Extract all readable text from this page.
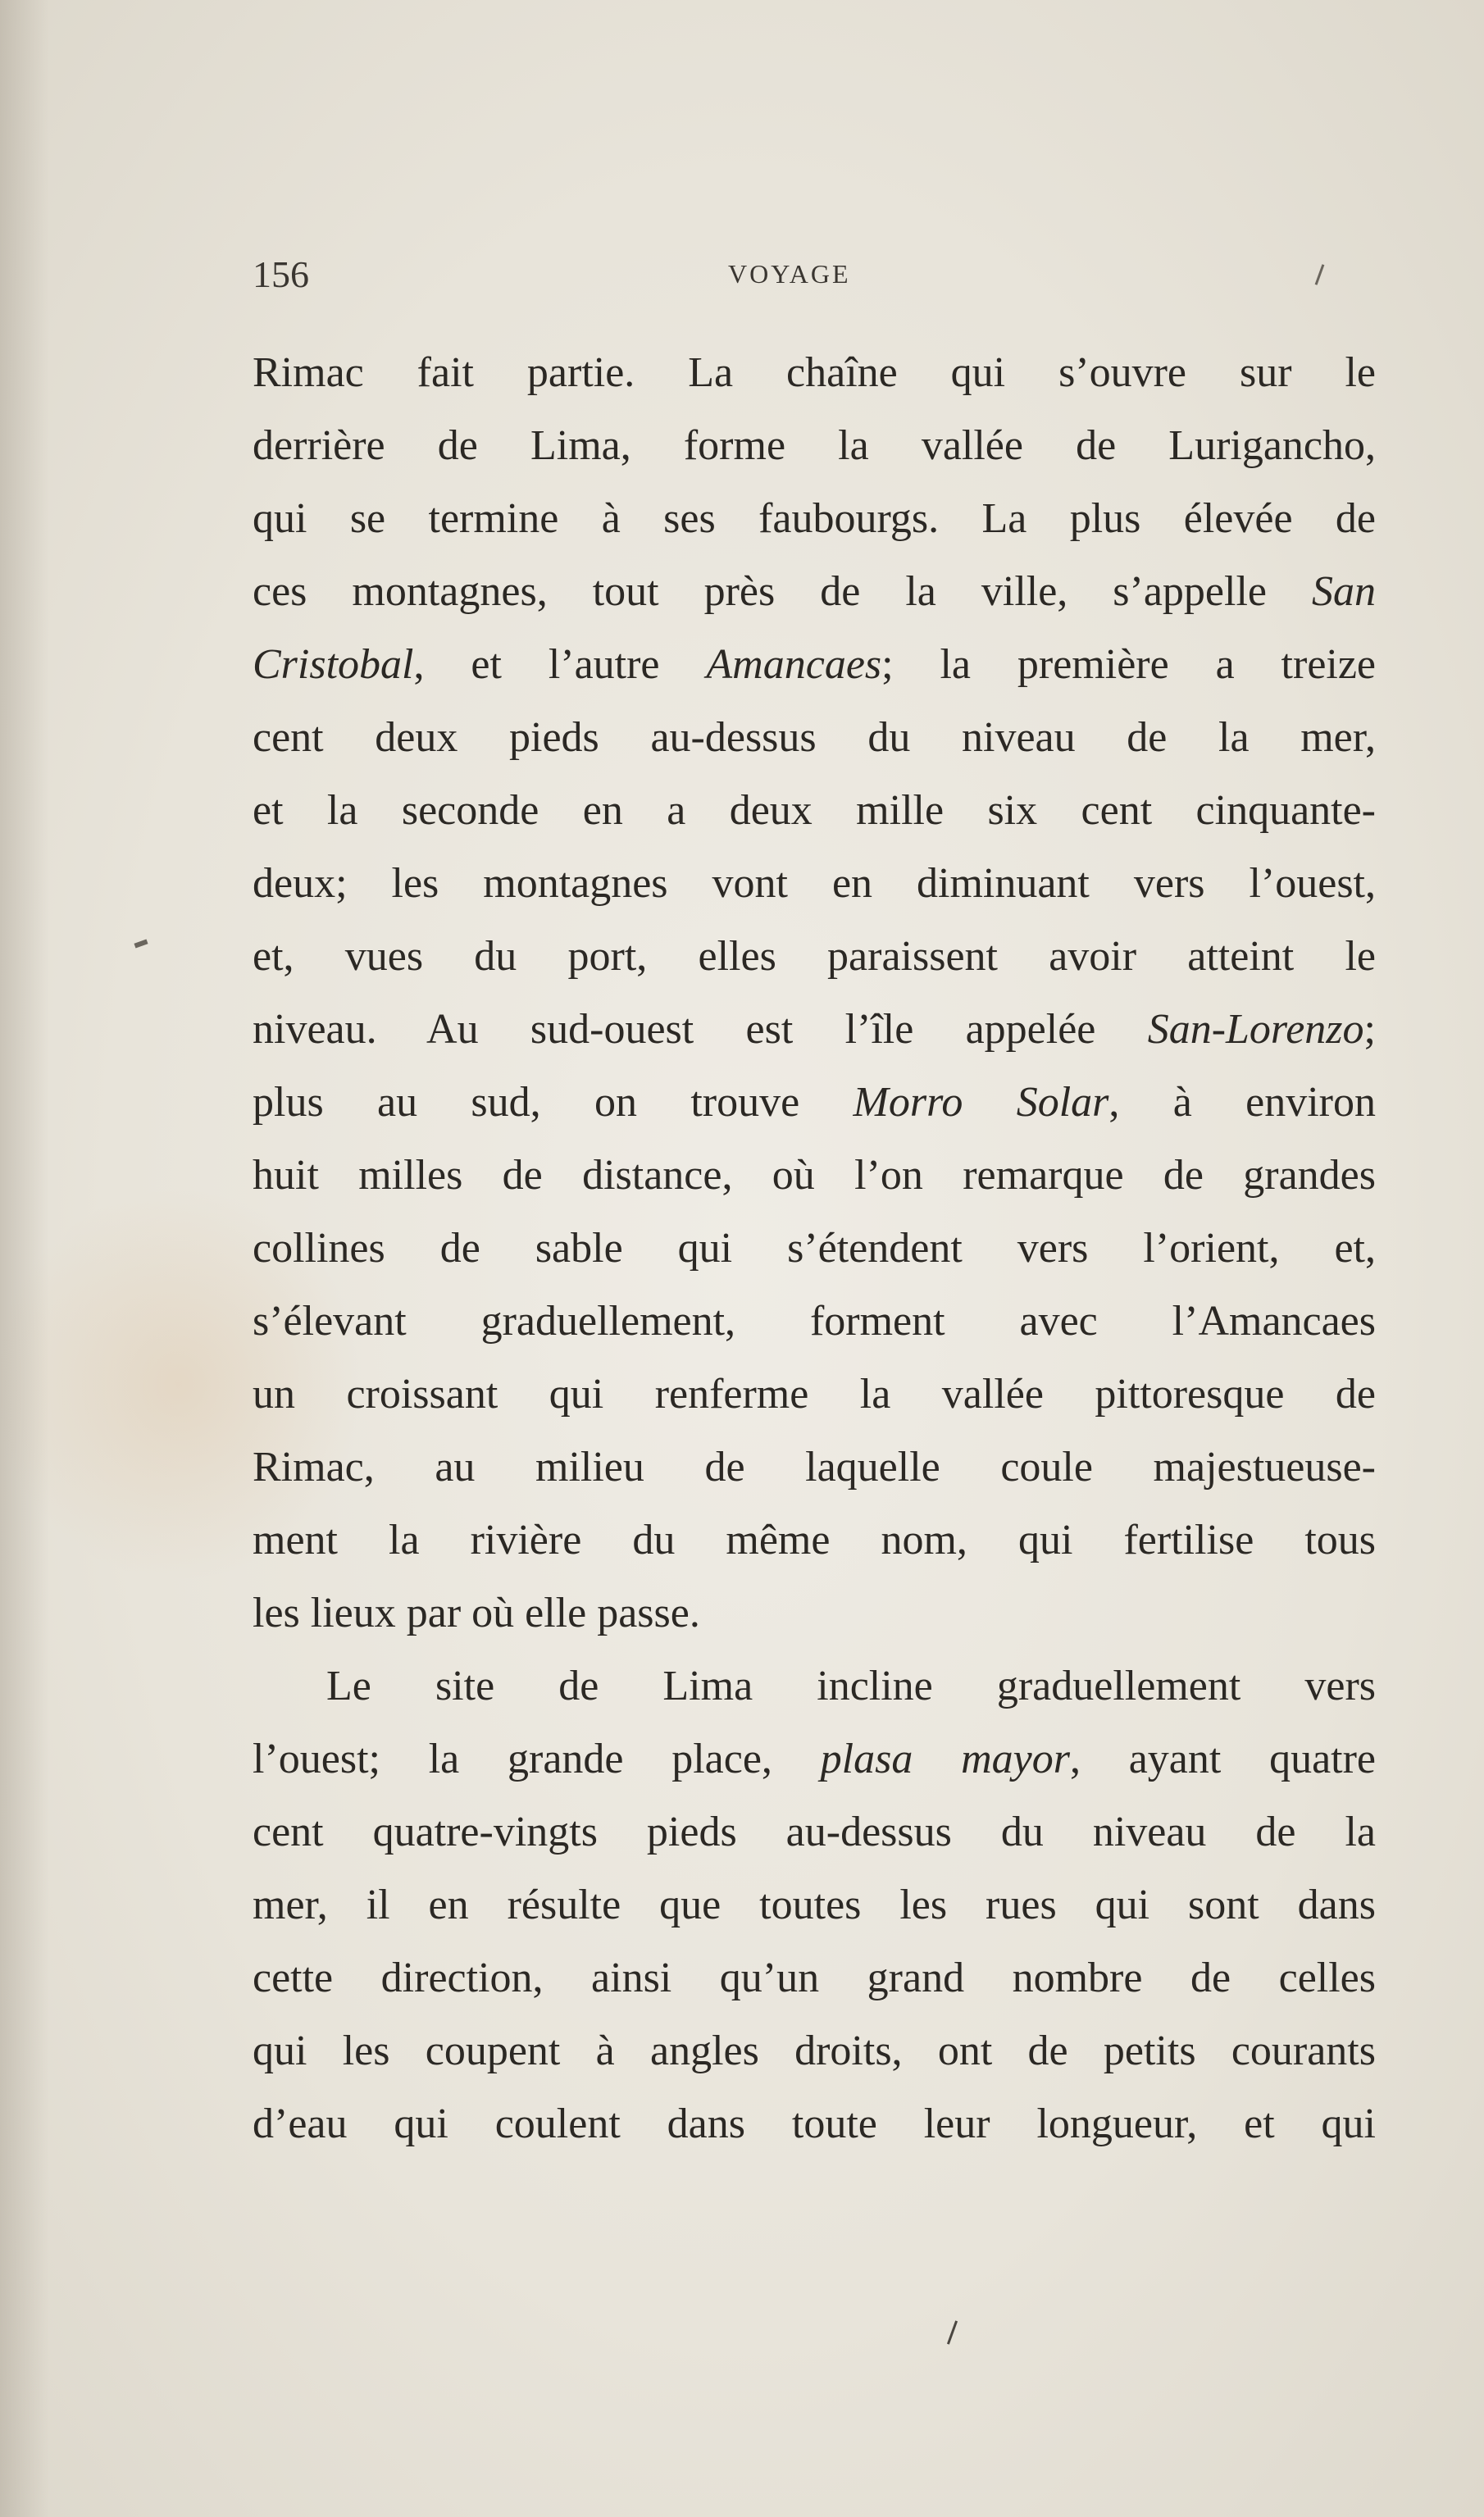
156	VOYAGE
Rimac fait partie. La chaîne qui s’ouvre sur le
derrière de Lima, forme la vallée de Lurigancho,
qui se termine à ses faubourgs. La plus élevée de
ces montagnes, tout près de la ville, s’appelle San
Cristobal, et l’autre Amancaes; la première a treize
cent deux pieds au-dessus du niveau de la mer,
et la seconde en a deux mille six cent cinquante-
deux; les montagnes vont en diminuant vers l’ouest,
et, vues du port, elles paraissent avoir atteint le
niveau. Au sud-ouest est l’île appelée San-Lorenzo;
plus au sud, on trouve Morro Solar, à environ
huit milles de distance, où l’on remarque de grandes
collines de sable qui s’étendent vers l’orient, et,
s’élevant graduellement, forment avec l’Amancaes
un croissant qui renferme la vallée pittoresque de
Rimac, au milieu de laquelle coule majestueuse-
ment la rivière du même nom, qui fertilise tous
les lieux par où elle passe.
Le site de Lima incline graduellement vers
l’ouest; la grande place, plasa mayor, ayant quatre
cent quatre-vingts pieds au-dessus du niveau de la
mer, il en résulte que toutes les rues qui sont dans
cette direction, ainsi qu’un grand nombre de celles
qui les coupent à angles droits, ont de petits courants
d’eau qui coulent dans toute leur longueur, et qui
